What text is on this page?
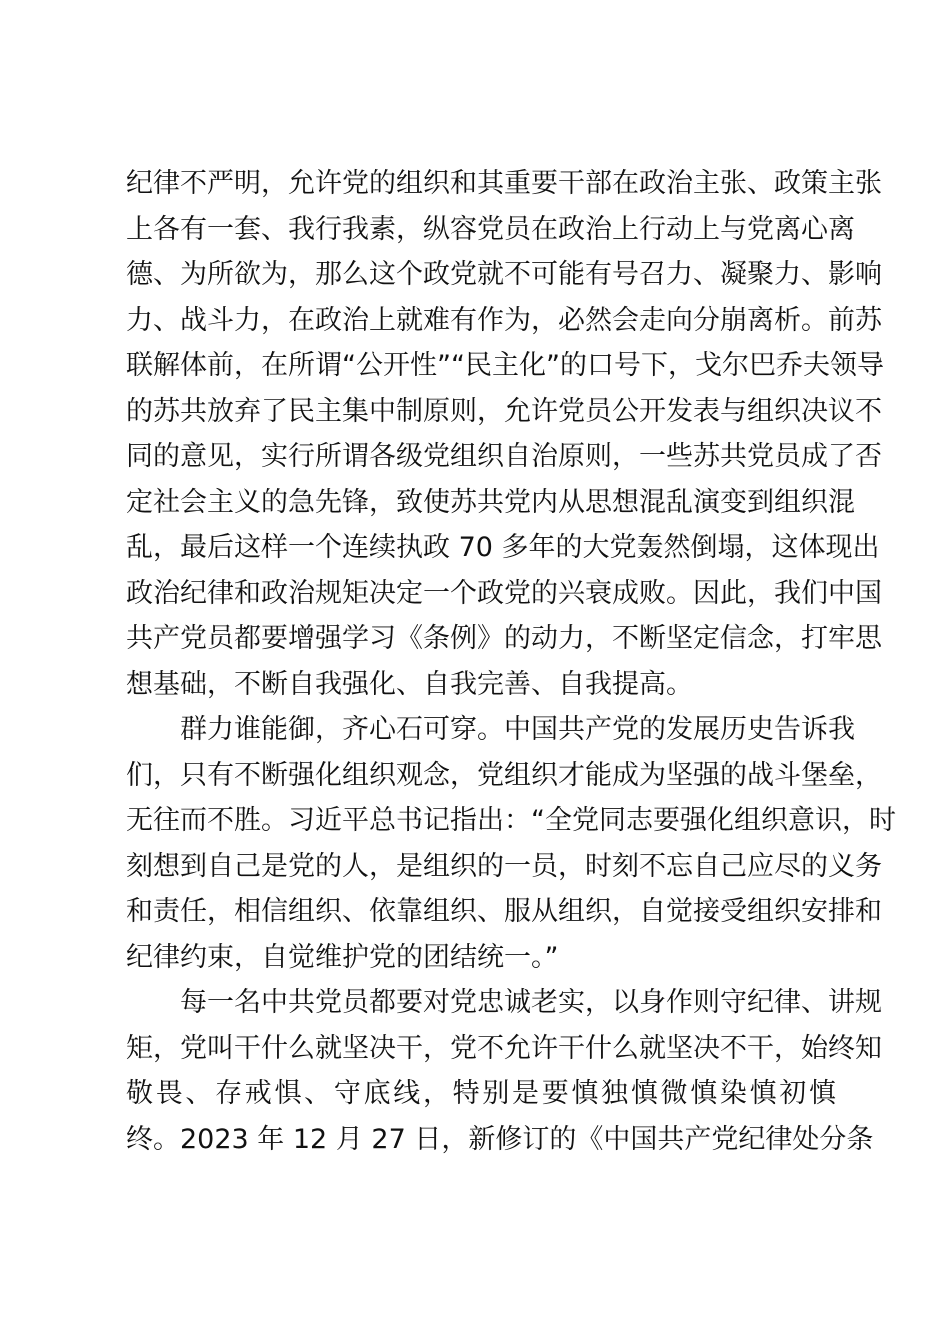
纪律不严明，允许党的组织和其重要干部在政治主张、政策主张
上各有一套、我行我素，纵容党员在政治上行动上与党离心离
德、为所欲为，那么这个政党就不可能有号召力、凝聚力、影响
力、战斗力，在政治上就难有作为，必然会走向分崩离析。前苏
联解体前，在所谓“公开性”“民主化”的口号下，戈尔巴乔夫领导
的苏共放弃了民主集中制原则，允许党员公开发表与组织决议不
同的意见，实行所谓各级党组织自治原则，一些苏共党员成了否
定社会主义的急先锋，致使苏共党内从思想混乱演变到组织混
乱，最后这样一个连续执政 70 多年的大党轰然倒塌，这体现出
政治纪律和政治规矩决定一个政党的兴衰成败。因此，我们中国
共产党员都要增强学习《条例》的动力，不断坚定信念，打牢思
想基础，不断自我强化、自我完善、自我提高。
群力谁能御，齐心石可穿。中国共产党的发展历史告诉我
们，只有不断强化组织观念，党组织才能成为坚强的战斗堡垒，
无往而不胜。习近平总书记指出：“全党同志要强化组织意识，时
刻想到自己是党的人，是组织的一员，时刻不忘自己应尽的义务
和责任，相信组织、依靠组织、服从组织，自觉接受组织安排和
纪律约束，自觉维护党的团结统一。”
每一名中共党员都要对党忠诚老实，以身作则守纪律、讲规
矩，党叫干什么就坚决干，党不允许干什么就坚决不干，始终知
敬畏、存戒惧、守底线，特别是要慎独慎微慎染慎初慎
终。2023 年 12 月 27 日，新修订的《中国共产党纪律处分条
